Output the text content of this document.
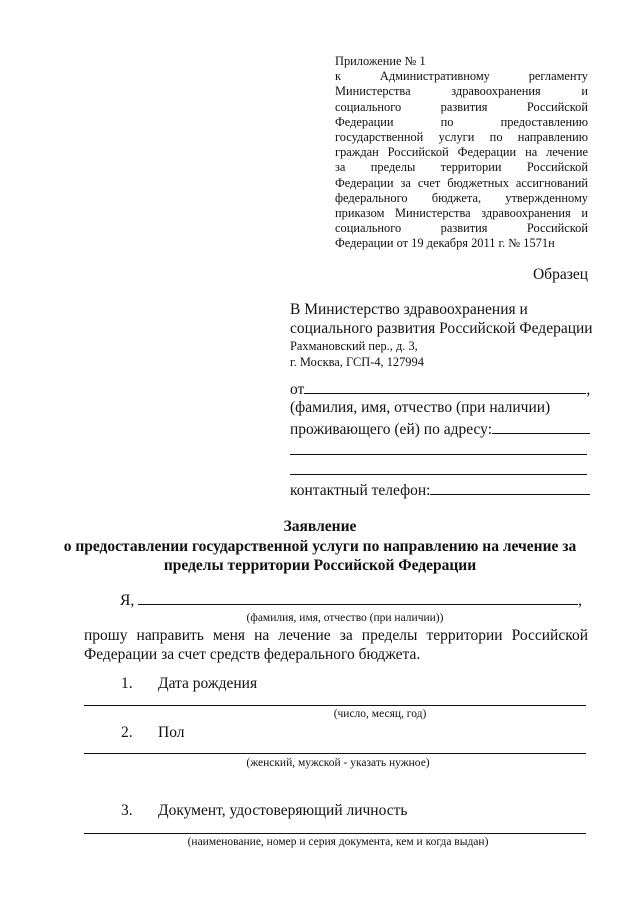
Приложение № 1
к Административному регламенту
Министерства здравоохранения и
социального развития Российской
Федерации по предоставлению
государственной услуги по направлению
граждан Российской Федерации на лечение
за пределы территории Российской
Федерации за счет бюджетных ассигнований
федерального бюджета, утвержденному
приказом Министерства здравоохранения и
социального развития Российской
Федерации от 19 декабря 2011 г. № 1571н
Образец
В Министерство здравоохранения и
социального развития Российской Федерации
Рахмановский пер., д. 3,
г. Москва, ГСП-4, 127994
от	,
(фамилия, имя, отчество (при наличии)
проживающего (ей) по адресу:
контактный телефон:
Заявление
о предоставлении государственной услуги по направлению на лечение за
пределы территории Российской Федерации
Я,	,
(фамилия, имя, отчество (при наличии))
прошу направить меня на лечение за пределы территории Российской
Федерации за счет средств федерального бюджета.
1. Дата рождения
(число, месяц, год)
2. Пол
(женский, мужской - указать нужное)
3. Документ, удостоверяющий личность
(наименование, номер и серия документа, кем и когда выдан)
